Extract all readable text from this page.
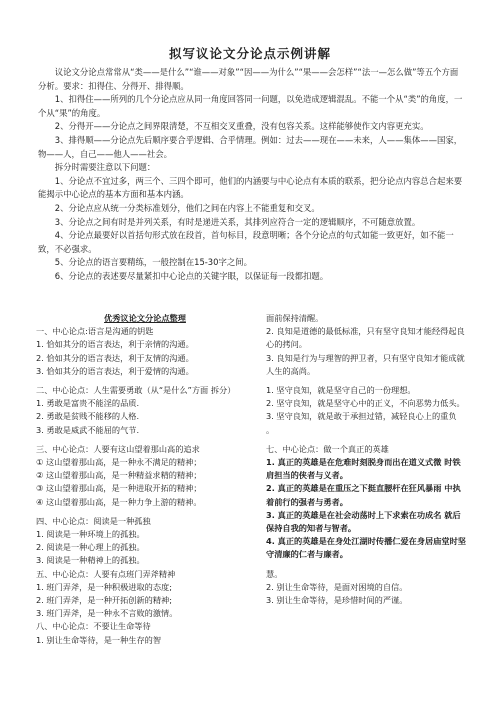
拟写议论文分论点示例讲解

议论文分论点常常从“类——是什么”“谁——对象”“因——为什么”“果——会怎样”“法一—怎么做”等五个方面分析。要求：扣得住、分得开、排得顺。

1、扣得住——所列的几个分论点应从同一角度回答同一问题，以免造成逻辑混乱。不能一个从“类”的角度，一个从“果”的角度。

2、分得开——分论点之间界限清楚，不互相交叉重叠，没有包容关系。这样能够使作文内容更充实。

3、排得顺——分论点先后顺序要合乎逻辑、合乎情理。例如：过去——现在——未来，人——集体——国家，物——人，自己——他人——社会。

拆分时需要注意以下问题：

1、分论点不宜过多，两三个、三四个即可，他们的内涵要与中心论点有本质的联系，把分论点内容总合起来要能揭示中心论点的基本方面和基本内涵。

2、分论点应从统一分类标准划分，他们之间在内容上不能重复和交叉。

3、分论点之间有时是并列关系，有时是递进关系，其排列应符合一定的逻辑顺序，不可随意放置。

4、分论点最要好以首括句形式放在段首，首句标目，段意明晰；各个分论点的句式如能一致更好，如不能一致，不必强求。

5、分论点的语言要精练，一般控制在15-30字之间。

6、分论点的表述要尽量紧扣中心论点的关键字眼，以保证每一段都扣题。

优秀议论文分论点整理

一、中心论点:语言是沟通的钥匙

1. 恰如其分的语言表达，利于亲情的沟通。

2. 恰如其分的语言表达，利于友情的沟通。

3. 恰如其分的语言表达，利于爱情的沟通。

二、中心论点：人生需要勇敢（从“是什么”方面 拆分）

1. 勇敢是富贵不能淫的品质.

2. 勇敢是贫贱不能移的人格.

3. 勇敢是威武不能屈的气节.

三、中心论点：人要有这山望着那山高的追求

① 这山望着那山高，是一种永不满足的精神；

② 这山望着那山高，是一种精益求精的精神；

③ 这山望着那山高，是一种进取开拓的精神；

④ 这山望着那山高，是一种力争上游的精神。

四、中心论点：阅读是一种孤独

1. 阅读是一种环境上的孤独。

2. 阅读是一种心理上的孤独。

3. 阅读是一种精神上的孤独。

五、中心论点：人要有点班门弄斧精神

1. 班门弄斧，是一种积极进取的态度;

2. 班门弄斧，是一种开拓创新的精神;

3. 班门弄斧，是一种永不言败的激情。

八、中心论点：不要让生命等待

1. 别让生命等待，是一种生存的智

面前保持清醒。

2. 良知是道德的最低标准，只有坚守良知才能经得起良心的拷问。

3. 良知是行为与理智的押卫者，只有坚守良知才能成就人生的高尚。

1. 坚守良知，就是坚守自己的一份理想。

2. 坚守良知，就是坚守心中的正义，不向恶势力低头。

3. 坚守良知，就是敢于承担过错，减轻良心上的重负 。

七、中心论点：做一个真正的英雄

1. 真正的英雄是在危难时刻脱身而出在道义式微 时铁肩担当的侠者与义者。

2. 真正的英雄是在重压之下挺直腰杆在狂风暴雨 中执着前行的强者与勇者。

3. 真正的英雄是在社会动荡时上下求索在功成名 就后保持自我的知者与智者。

4. 真正的英雄是在身处江湖时传播仁爱在身居庙堂时坚守清廉的仁者与廉者。

慧。

2. 别让生命等待，是面对困境的自信。

3. 别让生命等待，是珍惜时间的严谨。
